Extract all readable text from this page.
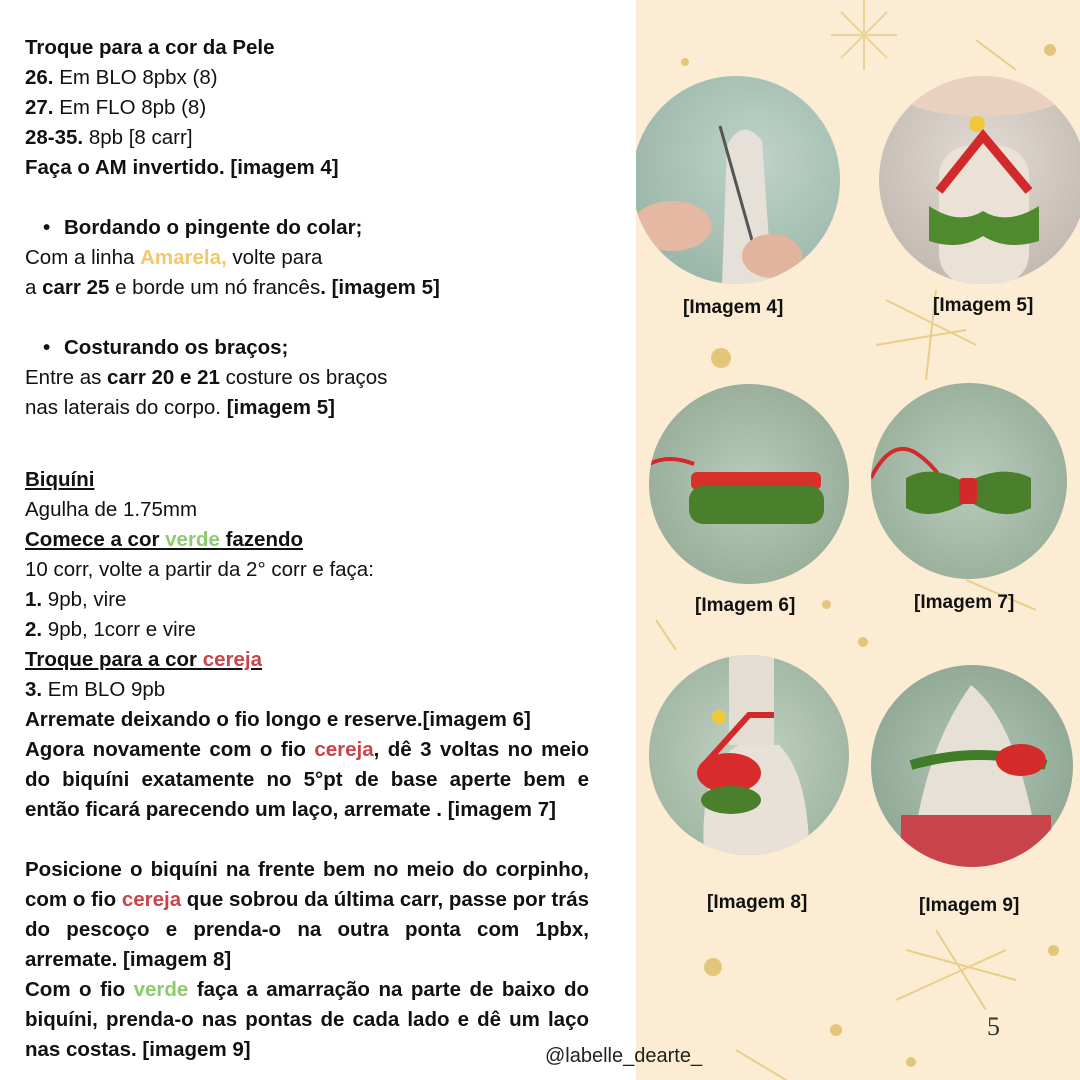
Troque para a cor da Pele
26. Em BLO 8pbx (8)
27. Em FLO 8pb (8)
28-35. 8pb [8 carr]
Faça o AM invertido. [imagem 4]
• Bordando o pingente do colar;
Com a linha Amarela, volte para
a carr 25 e borde um nó francês. [imagem 5]
• Costurando os braços;
Entre as carr 20 e 21 costure os braços
nas laterais do corpo. [imagem 5]
Biquíni
Agulha de 1.75mm
Comece a cor verde fazendo
10 corr, volte a partir da 2° corr e faça:
1. 9pb, vire
2. 9pb, 1corr e vire
Troque para a cor cereja
3. Em BLO 9pb
Arremate deixando o fio longo e reserve.[imagem 6]
Agora novamente com o fio cereja, dê 3 voltas no meio do biquíni exatamente no 5°pt de base aperte bem e então ficará parecendo um laço, arremate . [imagem 7]
Posicione o biquíni na frente bem no meio do corpinho, com o fio cereja que sobrou da última carr, passe por trás do pescoço e prenda-o na outra ponta com 1pbx, arremate. [imagem 8]
Com o fio verde faça a amarração na parte de baixo do biquíni, prenda-o nas pontas de cada lado e dê um laço nas costas. [imagem 9]
[Imagem 4]	[Imagem 5]
[Imagem 6]	[Imagem 7]
[Imagem 8]	[Imagem 9]
@labelle_dearte_
5
